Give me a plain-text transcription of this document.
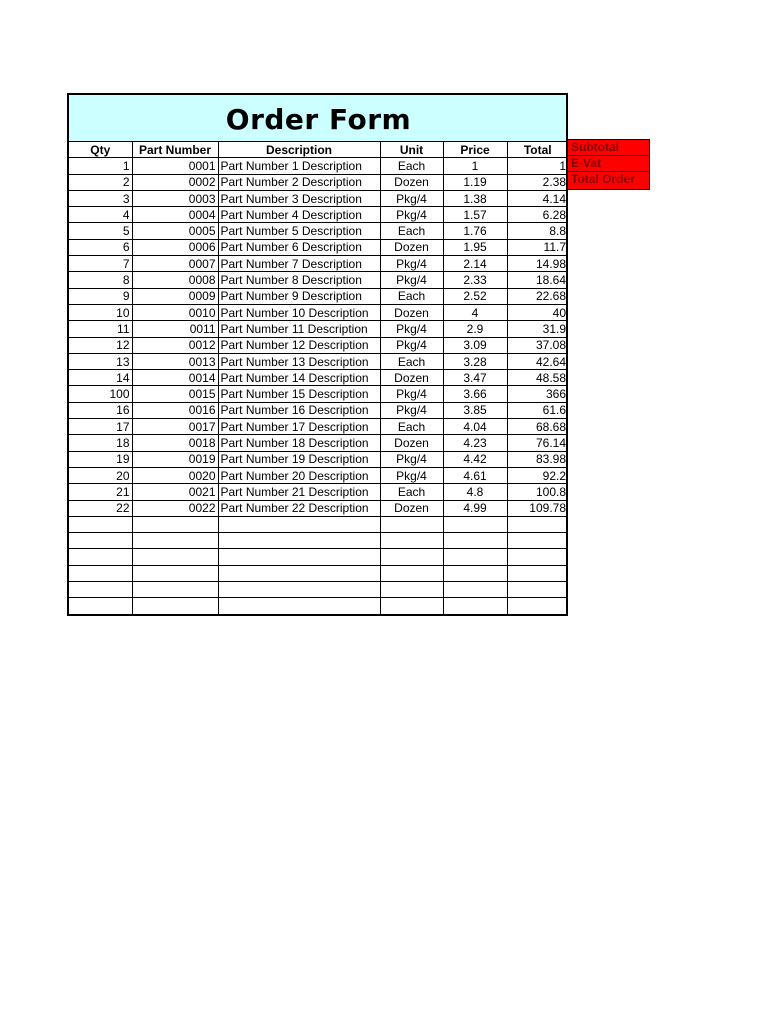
Order Form
Qty	Part Number	Description	Unit	Price	Total
1	0001	Part Number 1 Description	Each	1	1
2	0002	Part Number 2 Description	Dozen	1.19	2.38
3	0003	Part Number 3 Description	Pkg/4	1.38	4.14
4	0004	Part Number 4 Description	Pkg/4	1.57	6.28
5	0005	Part Number 5 Description	Each	1.76	8.8
6	0006	Part Number 6 Description	Dozen	1.95	11.7
7	0007	Part Number 7 Description	Pkg/4	2.14	14.98
8	0008	Part Number 8 Description	Pkg/4	2.33	18.64
9	0009	Part Number 9 Description	Each	2.52	22.68
10	0010	Part Number 10 Description	Dozen	4	40
11	0011	Part Number 11 Description	Pkg/4	2.9	31.9
12	0012	Part Number 12 Description	Pkg/4	3.09	37.08
13	0013	Part Number 13 Description	Each	3.28	42.64
14	0014	Part Number 14 Description	Dozen	3.47	48.58
100	0015	Part Number 15 Description	Pkg/4	3.66	366
16	0016	Part Number 16 Description	Pkg/4	3.85	61.6
17	0017	Part Number 17 Description	Each	4.04	68.68
18	0018	Part Number 18 Description	Dozen	4.23	76.14
19	0019	Part Number 19 Description	Pkg/4	4.42	83.98
20	0020	Part Number 20 Description	Pkg/4	4.61	92.2
21	0021	Part Number 21 Description	Each	4.8	100.8
22	0022	Part Number 22 Description	Dozen	4.99	109.78

Subtotal
E-Vat
Total Order
